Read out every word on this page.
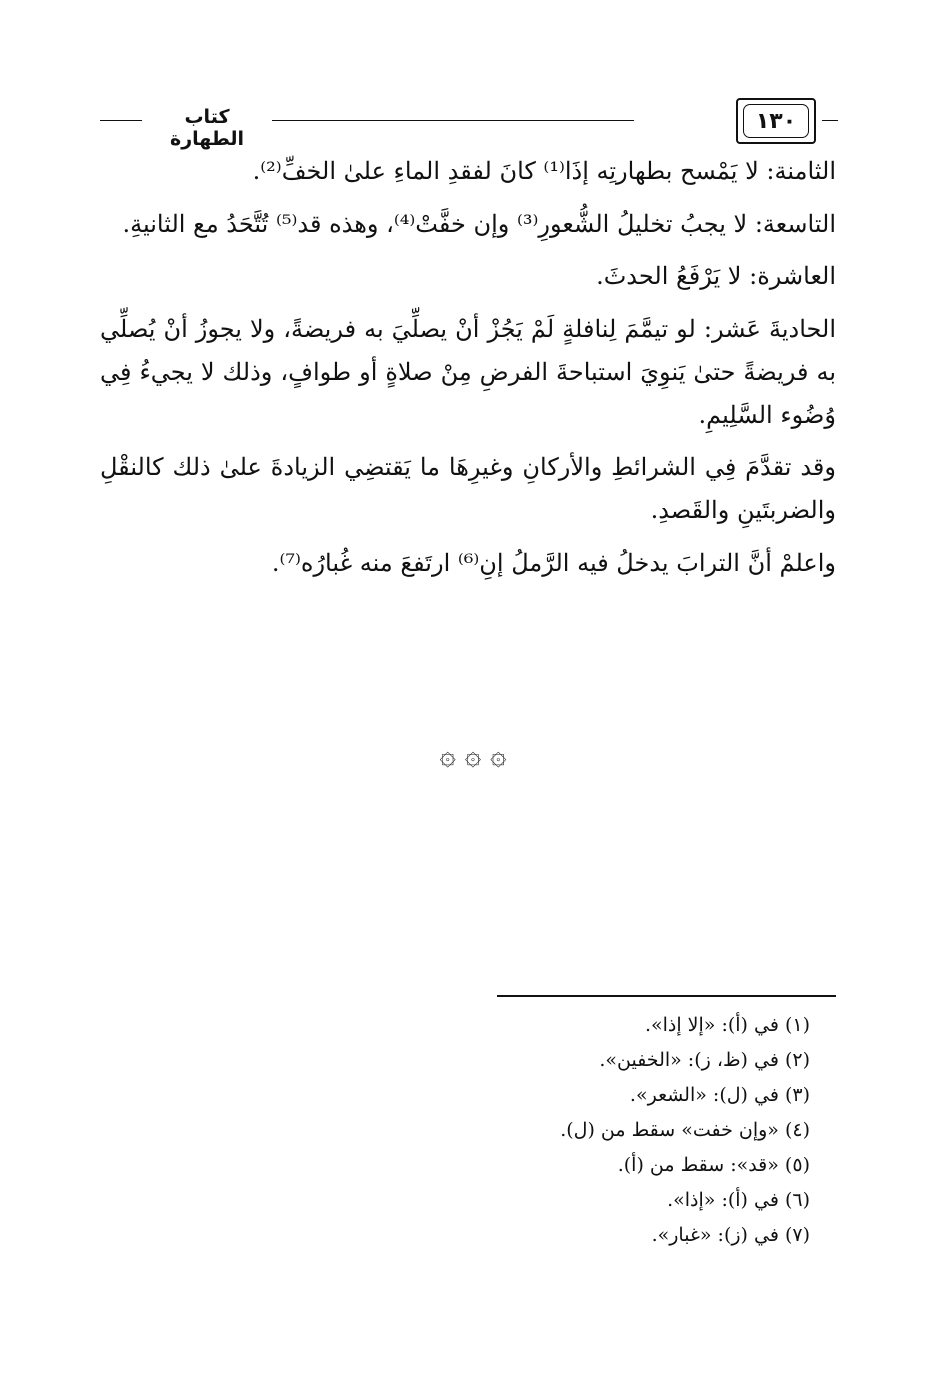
كتاب الطهارة
١٣٠

الثامنة: لا يَمْسح بطهارتِه إذَا⁽¹⁾ كانَ لفقدِ الماءِ علىٰ الخفِّ⁽²⁾.

التاسعة: لا يجبُ تخليلُ الشُّعورِ⁽³⁾ وإن خفَّتْ⁽⁴⁾، وهذه قد⁽⁵⁾ تُتَّحَدُ مع الثانيةِ.

العاشرة: لا يَرْفَعُ الحدثَ.

الحاديةَ عَشر: لو تيمَّمَ لِنافلةٍ لَمْ يَجُزْ أنْ يصلِّيَ به فريضةً، ولا يجوزُ أنْ يُصلِّي به فريضةً حتىٰ يَنوِيَ استباحةَ الفرضِ مِنْ صلاةٍ أو طوافٍ، وذلك لا يجيءُ فِي وُضُوء السَّلِيمِ.

وقد تقدَّمَ فِي الشرائطِ والأركانِ وغيرِهَا ما يَقتضِي الزيادةَ علىٰ ذلك كالنقْلِ والضربتَينِ والقَصدِ.

واعلمْ أنَّ الترابَ يدخلُ فيه الرَّملُ إنِ⁽⁶⁾ ارتَفعَ منه غُبارُه⁽⁷⁾.

۞ ۞ ۞
(١) في (أ): «إلا إذا».
(٢) في (ظ، ز): «الخفين».
(٣) في (ل): «الشعر».
(٤) «وإن خفت» سقط من (ل).
(٥) «قد»: سقط من (أ).
(٦) في (أ): «إذا».
(٧) في (ز): «غبار».
